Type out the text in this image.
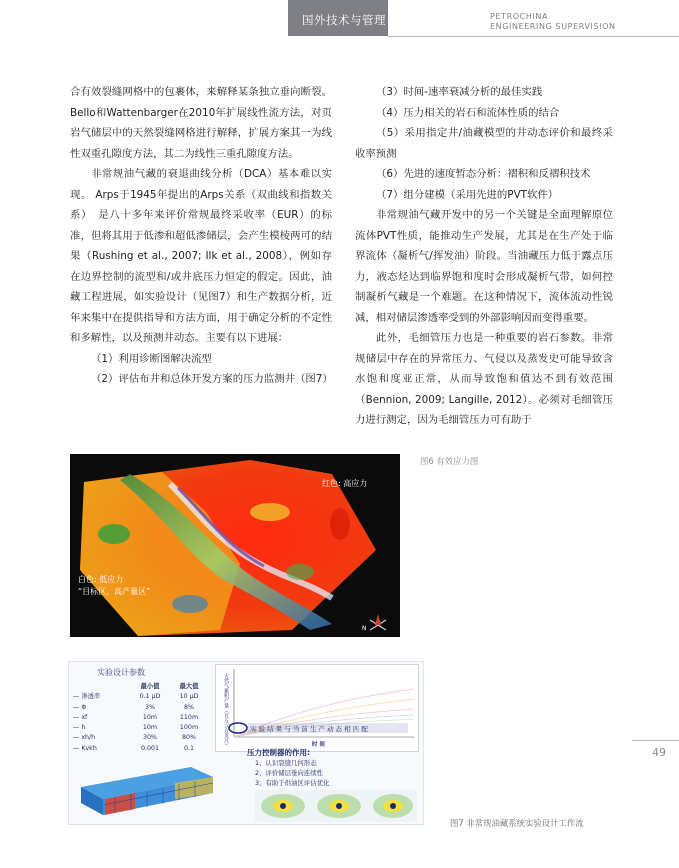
国外技术与管理	PETROCHINA
ENGINEERING SUPERVISION

合有效裂缝网格中的包裹体，来解释某条独立垂向断裂。Bello和Wattenbarger在2010年扩展线性流方法，对页岩气储层中的天然裂缝网格进行解释，扩展方案其一为线性双重孔隙度方法，其二为线性三重孔隙度方法。

非常规油气藏的衰退曲线分析（DCA）基本难以实现。 Arps于1945年提出的Arps关系（双曲线和指数关系）　是八十多年来评价常规最终采收率（EUR）的标准，但将其用于低渗和超低渗储层，会产生模棱两可的结果（Rushing et al., 2007; Ilk et al., 2008），例如存在边界控制的流型和/或井底压力恒定的假定。因此，油藏工程进展，如实验设计（见图7）和生产数据分析，近年来集中在提供指导和方法方面，用于确定分析的不定性和多解性，以及预测井动态。主要有以下进展：

（1）利用诊断图解决流型

（2）评估布井和总体开发方案的压力监测井（图7）

（3）时间-速率衰减分析的最佳实践

（4）压力相关的岩石和流体性质的结合

（5）采用指定井/油藏模型的井动态评价和最终采收率预测

（6）先进的速度暂态分析：褶积和反褶积技术

（7）组分建模（采用先进的PVT软件）

非常规油气藏开发中的另一个关键是全面理解原位流体PVT性质，能推动生产发展，尤其是在生产处于临界流体（凝析气/挥发油）阶段。当油藏压力低于露点压力，液态烃达到临界饱和度时会形成凝析气带，如何控制凝析气藏是一个难题。在这种情况下，流体流动性锐减，相对储层渗透率受到的外部影响因而变得重要。

此外，毛细管压力也是一种重要的岩石参数。非常规储层中存在的异常压力、气侵以及蒸发史可能导致含水饱和度亚正常，从而导致饱和值达不到有效范围（Bennion, 2009; Langille, 2012）。必须对毛细管压力进行测定，因为毛细管压力可有助于

N
红色: 高应力
白色: 低应力
“目标区，高产量区”
图6 有效应力图
实验设计参数
最小值	最大值
— 渗透率	0.1 μD	10 μD
— Φ	3%	8%
— xf	10m	110m
— h	10m	100m
— xh/h	30%	80%
— Kvkh	0.001	0.1
天然气累积产量（百万立方英尺）	实 验 结 果 与 当 前 生 产 动 态 相 匹 配
时 间
压力控制器的作用:
1、认识裂缝几何形态
2、评价储层垂向连续性
3、有助于供油区评估优化
图7 非常规油藏系统实验设计工作流
49
